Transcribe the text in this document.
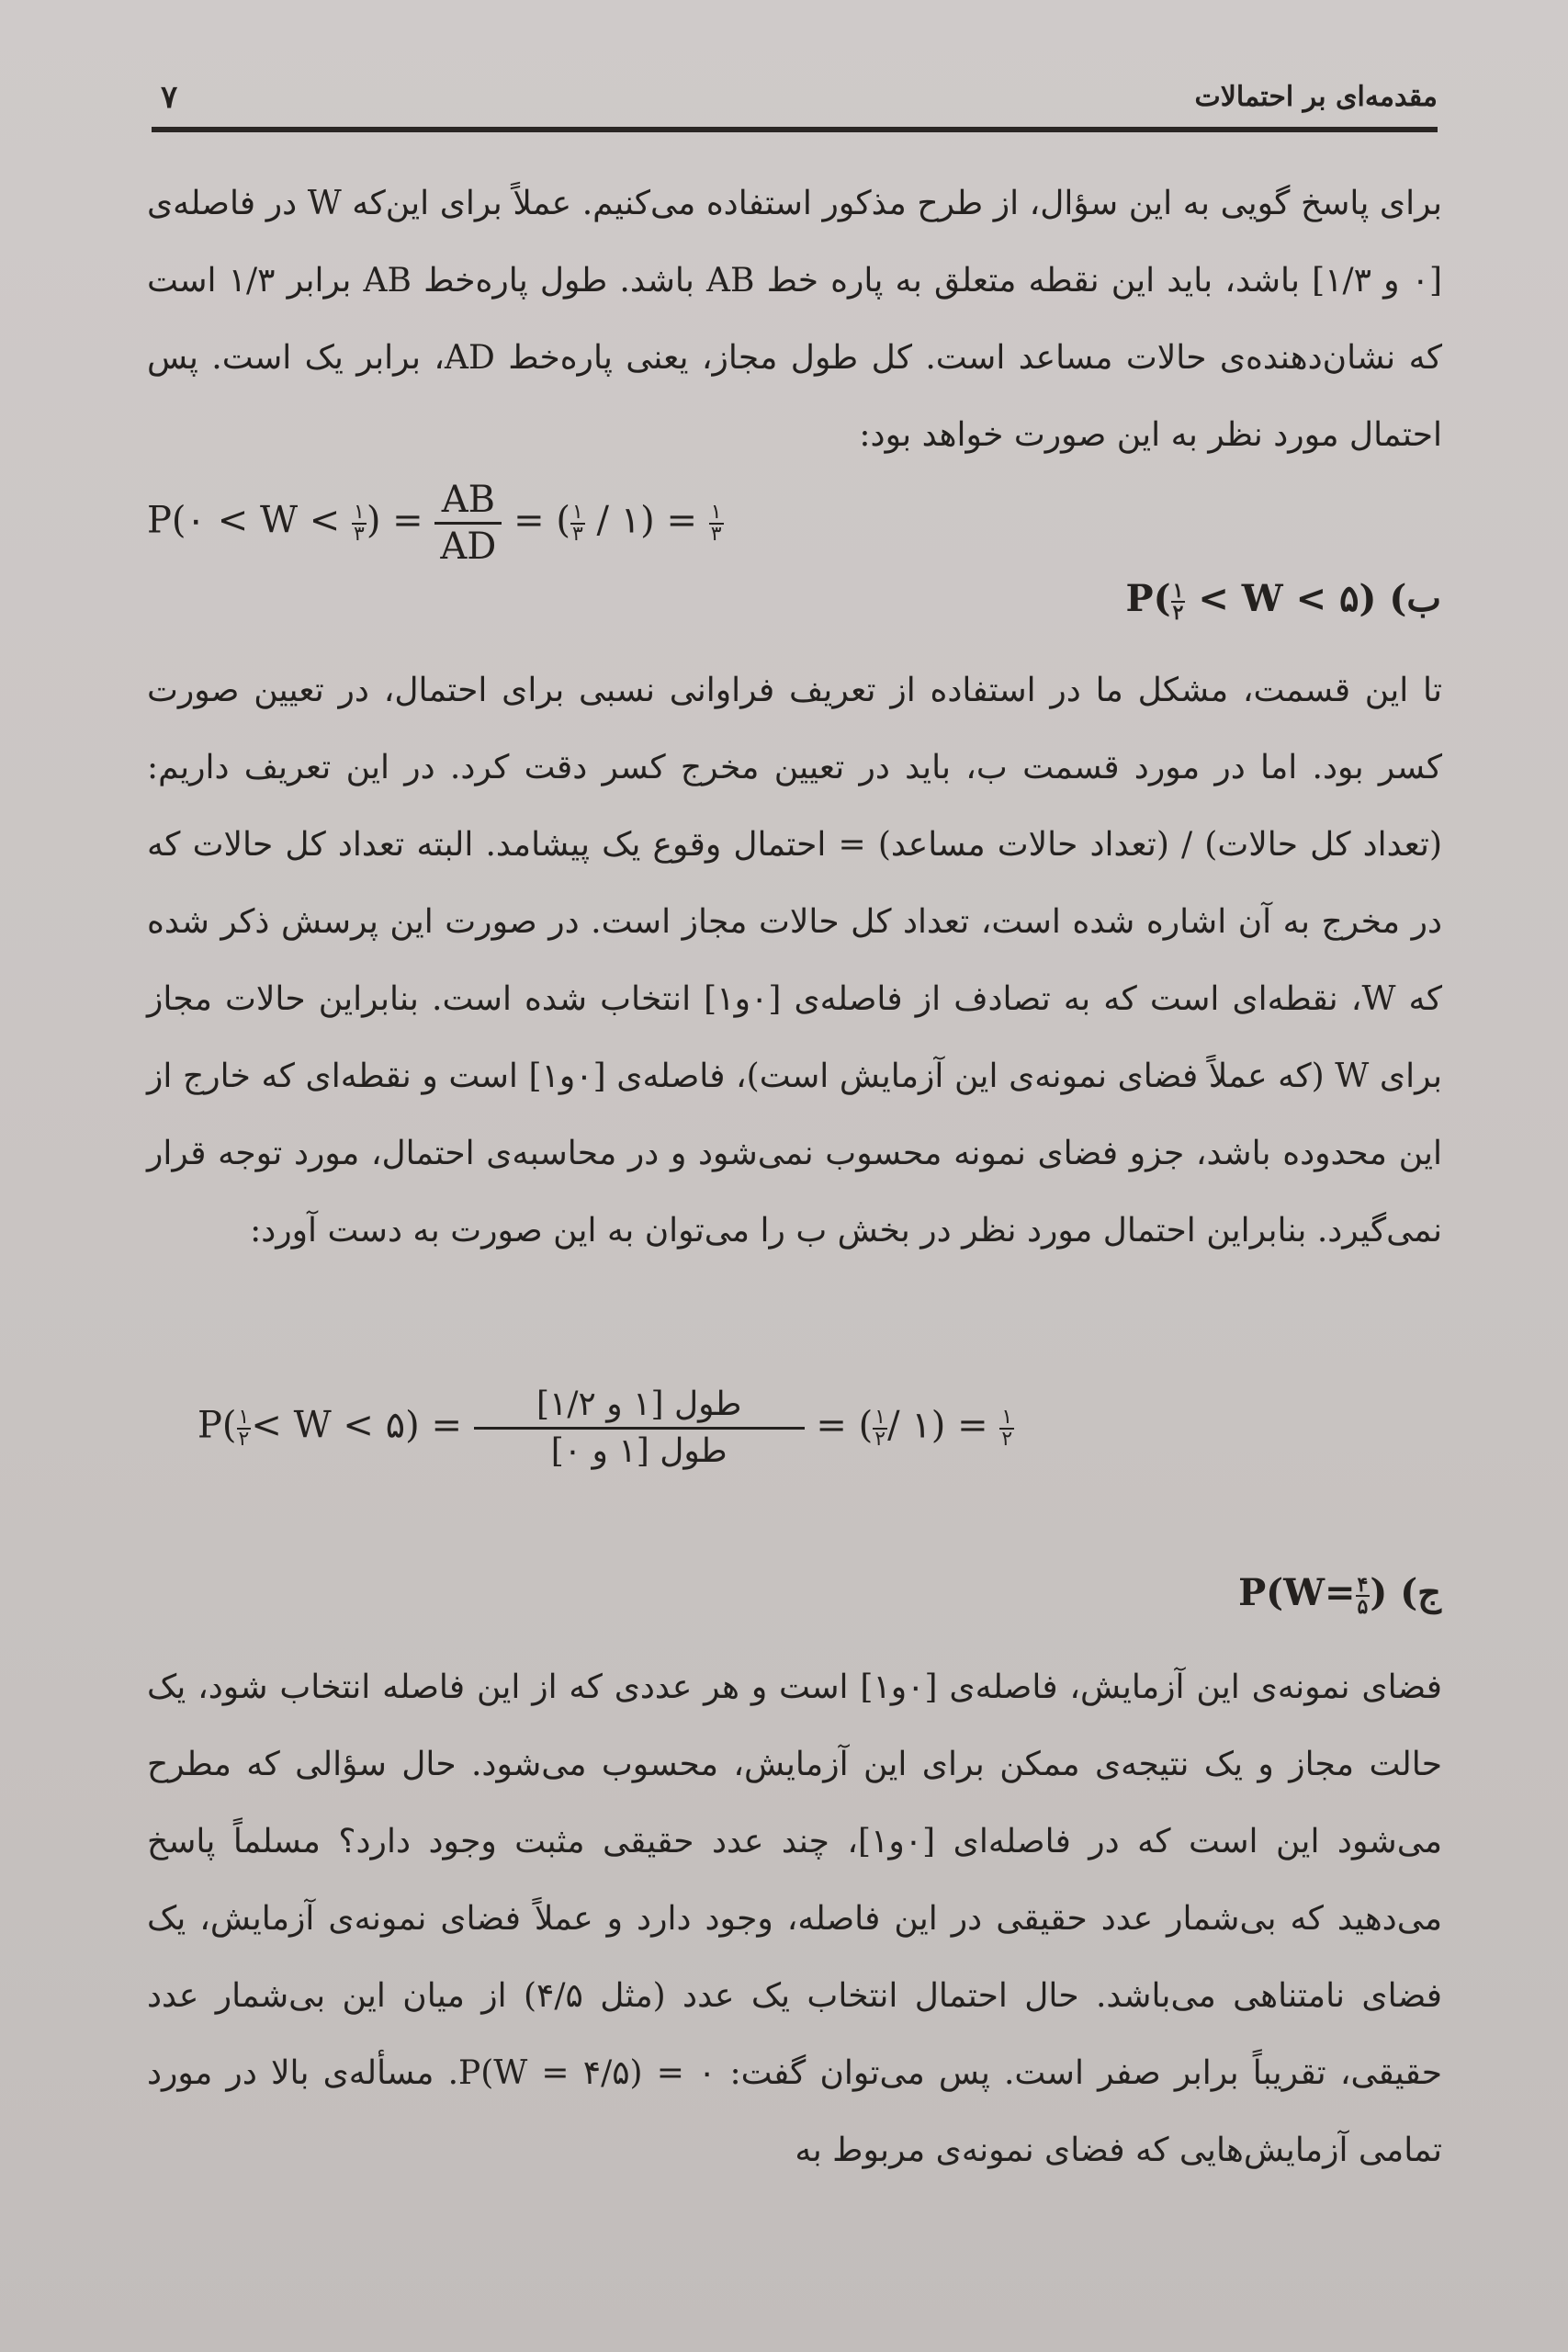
مقدمه‌ای بر احتمالات
۷

برای پاسخ گویی به این سؤال، از طرح مذکور استفاده می‌کنیم. عملاً برای این‌که W در فاصله‌ی [۰ و ۱/۳] باشد، باید این نقطه متعلق به پاره خط AB باشد. طول پاره‌خط AB برابر ۱/۳ است که نشان‌دهنده‌ی حالات مساعد است. کل طول مجاز، یعنی پاره‌خط AD، برابر یک است. پس احتمال مورد نظر به این صورت خواهد بود:

P(۰ < $W < \frac{۱}{۳}$ ) = $\frac{AB}{AD}$ = ( $\frac{۱}{۳}$ / ۱) = $\frac{۱}{۳}$
ب) $P( \frac{۱}{۲} < W$ < ۵)

تا این قسمت، مشکل ما در استفاده از تعریف فراوانی نسبی برای احتمال، در تعیین صورت کسر بود. اما در مورد قسمت ب، باید در تعیین مخرج کسر دقت کرد. در این تعریف داریم: (تعداد کل حالات) / (تعداد حالات مساعد) = احتمال وقوع یک پیشامد. البته تعداد کل حالات که در مخرج به آن اشاره شده است، تعداد کل حالات مجاز است. در صورت این پرسش ذکر شده که W، نقطه‌ای است که به تصادف از فاصله‌ی [۰و۱] انتخاب شده است. بنابراین حالات مجاز برای W (که عملاً فضای نمونه‌ی این آزمایش است)، فاصله‌ی [۰و۱] است و نقطه‌ای که خارج از این محدوده باشد، جزو فضای نمونه محسوب نمی‌شود و در محاسبه‌ی احتمال، مورد توجه قرار نمی‌گیرد. بنابراین احتمال مورد نظر در بخش ب را می‌توان به این صورت به دست آورد:

$P( \frac{۱}{۲} < W$ < ۵) =	طول [۱ و ۱/۲]
طول [۱ و ۰]
= ( $\frac{۱}{۲}$ / ۱) = $\frac{۱}{۲}$
ج) $P(W= \frac{۴}{۵}$ )

فضای نمونه‌ی این آزمایش، فاصله‌ی [۰و۱] است و هر عددی که از این فاصله انتخاب شود، یک حالت مجاز و یک نتیجه‌ی ممکن برای این آزمایش، محسوب می‌شود. حال سؤالی که مطرح می‌شود این است که در فاصله‌ای [۰و۱]، چند عدد حقیقی مثبت وجود دارد؟ مسلماً پاسخ می‌دهید که بی‌شمار عدد حقیقی در این فاصله، وجود دارد و عملاً فضای نمونه‌ی آزمایش، یک فضای نامتناهی می‌باشد. حال احتمال انتخاب یک عدد (مثل ۴/۵) از میان این بی‌شمار عدد حقیقی، تقریباً برابر صفر است. پس می‌توان گفت: P(W = ۴/۵) = ۰. مسأله‌ی بالا در مورد تمامی آزمایش‌هایی که فضای نمونه‌ی مربوط به
